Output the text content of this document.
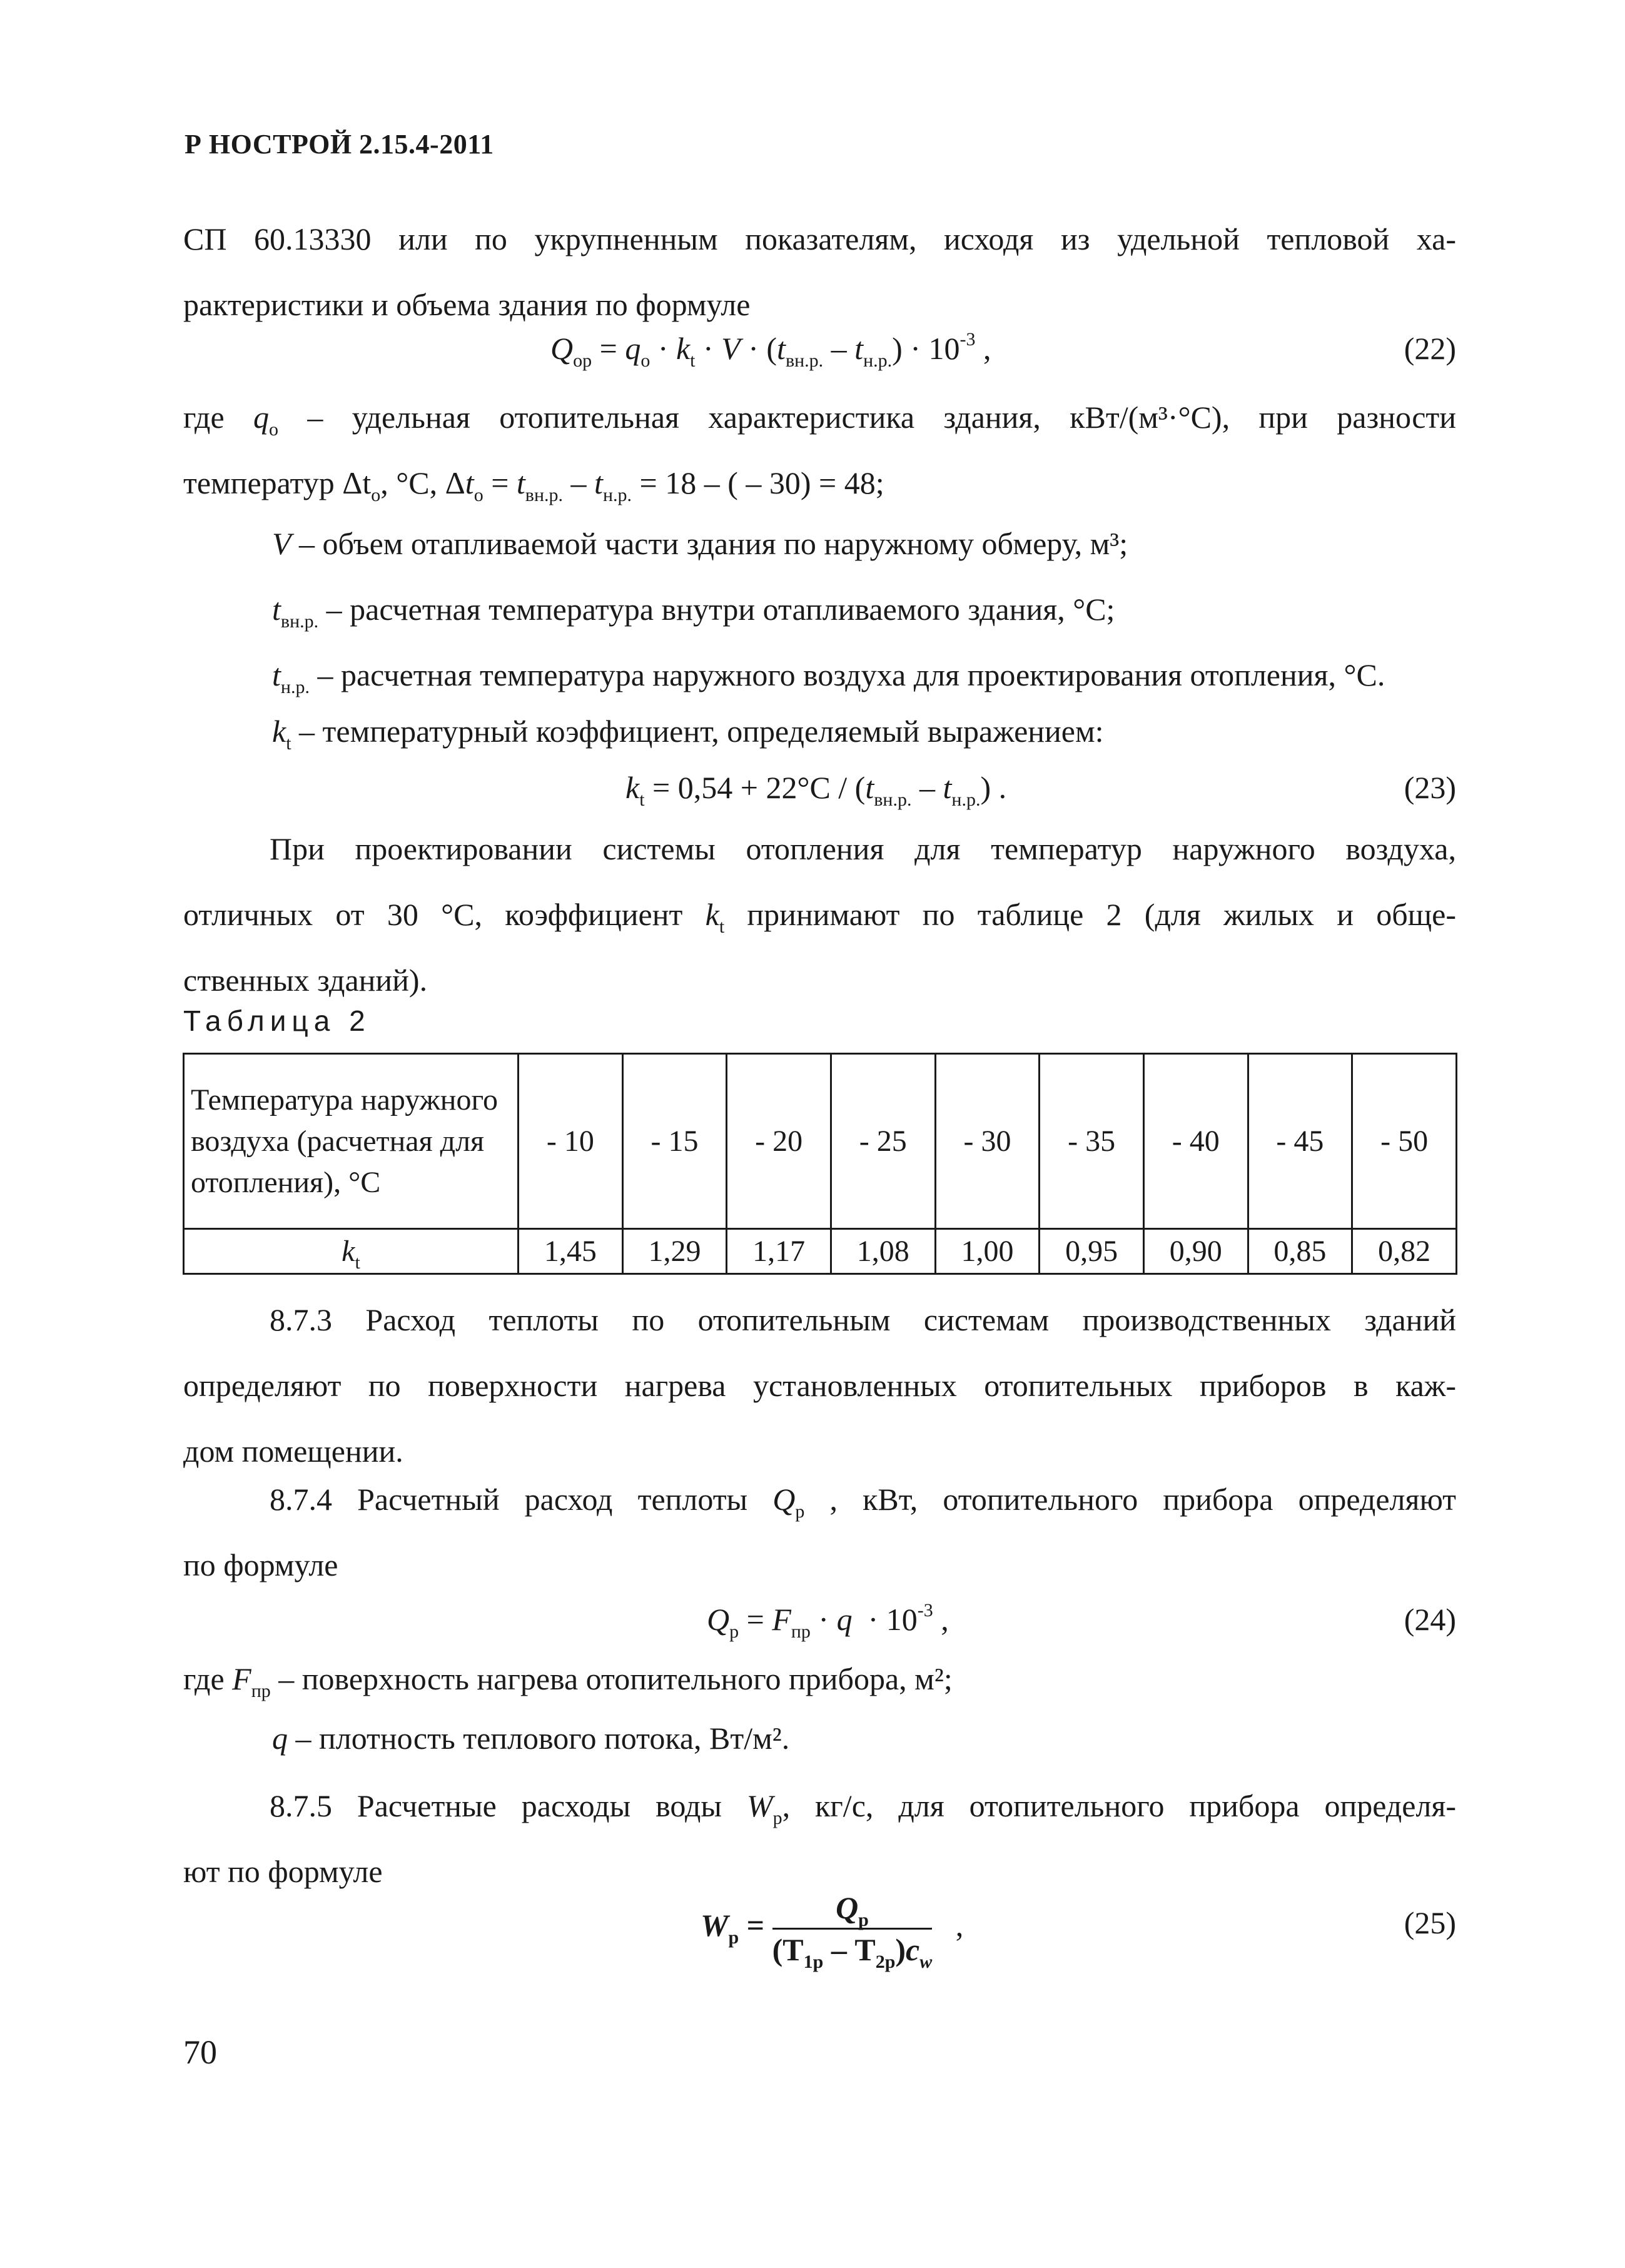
Р НОСТРОЙ 2.15.4-2011
СП 60.13330 или по укрупненным показателям, исходя из удельной тепловой ха-
рактеристики и объема здания по формуле
$Q_{ор} = q_о \cdot k_t \cdot V \cdot (t_{вн.р.} - t_{н.р.}) \cdot 10^{-3}$ ,	(22)
где $q_о$ – удельная отопительная характеристика здания, кВт/(м³·°С), при разности
температур $\Delta t_о$, °С, $\Delta t_о = t_{вн.р.} - t_{н.р.} = 18$ – ( – 30) = 48;
V – объем отапливаемой части здания по наружному обмеру, м³;
$t_{вн.р.}$ – расчетная температура внутри отапливаемого здания, °С;
$t_{н.р.}$ – расчетная температура наружного воздуха для проектирования отопления, °С.
$k_t$ – температурный коэффициент, определяемый выражением:
$k_t = 0,54 + 22^\circ С / (t_{вн.р.} - t_{н.р.})$ .	(23)
При проектировании системы отопления для температур наружного воздуха,
отличных от 30 °С, коэффициент $k_t$ принимают по таблице 2 (для жилых и обще-
ственных зданий).
Таблица 2
Температура наружного воздуха (расчетная для отопления), °С	- 10	- 15	- 20	- 25	- 30	- 35	- 40	- 45	- 50
$k_t$	1,45	1,29	1,17	1,08	1,00	0,95	0,90	0,85	0,82
8.7.3 Расход теплоты по отопительным системам производственных зданий
определяют по поверхности нагрева установленных отопительных приборов в каж-
дом помещении.
8.7.4 Расчетный расход теплоты $Q_р$ , кВт, отопительного прибора определяют
по формуле
$Q_р = F_{пр} \cdot q \cdot 10^{-3}$ ,	(24)
где $F_{пр}$ – поверхность нагрева отопительного прибора, м²;
q – плотность теплового потока, Вт/м².
8.7.5 Расчетные расходы воды $W_р$, кг/с, для отопительного прибора определя-
ют по формуле
$W_р = \frac{Q_р}{(T_{1р} - T_{2р})c_w}$ ,	(25)
70
